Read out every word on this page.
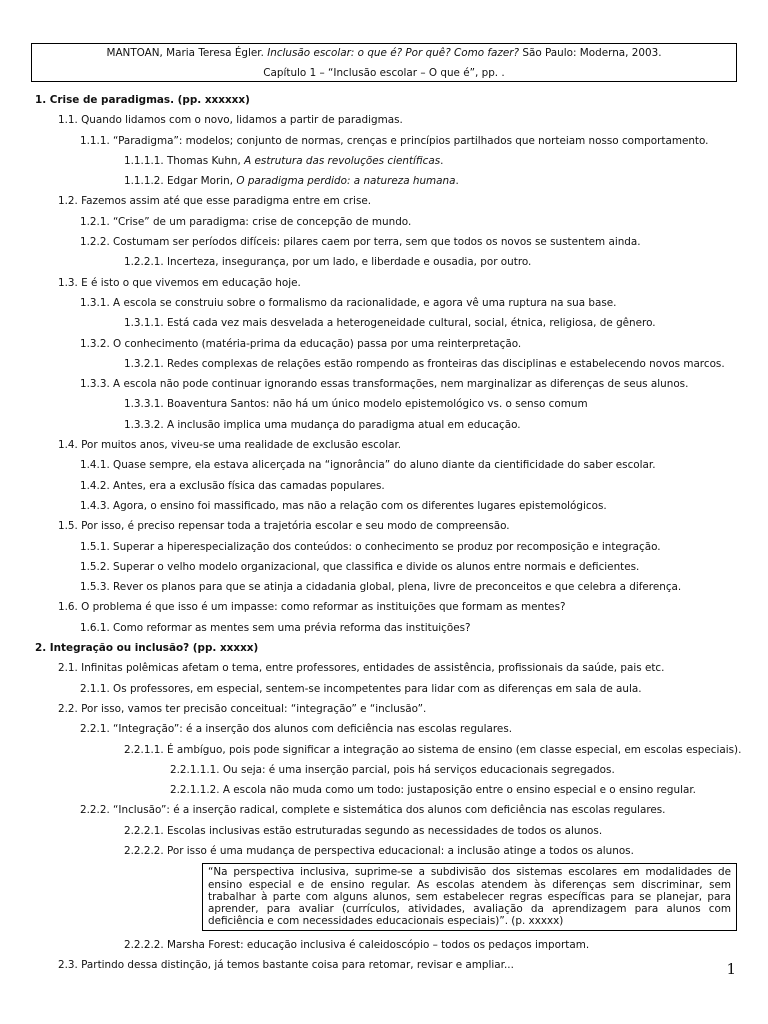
MANTOAN, Maria Teresa Égler. Inclusão escolar: o que é? Por quê? Como fazer? São Paulo: Moderna, 2003.
Capítulo 1 – “Inclusão escolar – O que é”, pp. .
1. Crise de paradigmas. (pp. xxxxxx)
1.1. Quando lidamos com o novo, lidamos a partir de paradigmas.
1.1.1. “Paradigma”: modelos; conjunto de normas, crenças e princípios partilhados que norteiam nosso comportamento.
1.1.1.1. Thomas Kuhn, A estrutura das revoluções científicas.
1.1.1.2. Edgar Morin, O paradigma perdido: a natureza humana.
1.2. Fazemos assim até que esse paradigma entre em crise.
1.2.1. “Crise” de um paradigma: crise de concepção de mundo.
1.2.2. Costumam ser períodos difíceis: pilares caem por terra, sem que todos os novos se sustentem ainda.
1.2.2.1. Incerteza, insegurança, por um lado, e liberdade e ousadia, por outro.
1.3. E é isto o que vivemos em educação hoje.
1.3.1. A escola se construiu sobre o formalismo da racionalidade, e agora vê uma ruptura na sua base.
1.3.1.1. Está cada vez mais desvelada a heterogeneidade cultural, social, étnica, religiosa, de gênero.
1.3.2. O conhecimento (matéria-prima da educação) passa por uma reinterpretação.
1.3.2.1. Redes complexas de relações estão rompendo as fronteiras das disciplinas e estabelecendo novos marcos.
1.3.3. A escola não pode continuar ignorando essas transformações, nem marginalizar as diferenças de seus alunos.
1.3.3.1. Boaventura Santos: não há um único modelo epistemológico vs. o senso comum
1.3.3.2. A inclusão implica uma mudança do paradigma atual em educação.
1.4. Por muitos anos, viveu-se uma realidade de exclusão escolar.
1.4.1. Quase sempre, ela estava alicerçada na “ignorância” do aluno diante da cientificidade do saber escolar.
1.4.2. Antes, era a exclusão física das camadas populares.
1.4.3. Agora, o ensino foi massificado, mas não a relação com os diferentes lugares epistemológicos.
1.5. Por isso, é preciso repensar toda a trajetória escolar e seu modo de compreensão.
1.5.1. Superar a hiperespecialização dos conteúdos: o conhecimento se produz por recomposição e integração.
1.5.2. Superar o velho modelo organizacional, que classifica e divide os alunos entre normais e deficientes.
1.5.3. Rever os planos para que se atinja a cidadania global, plena, livre de preconceitos e que celebra a diferença.
1.6. O problema é que isso é um impasse: como reformar as instituições que formam as mentes?
1.6.1. Como reformar as mentes sem uma prévia reforma das instituições?
2. Integração ou inclusão? (pp. xxxxx)
2.1. Infinitas polêmicas afetam o tema, entre professores, entidades de assistência, profissionais da saúde, pais etc.
2.1.1. Os professores, em especial, sentem-se incompetentes para lidar com as diferenças em sala de aula.
2.2. Por isso, vamos ter precisão conceitual: “integração” e “inclusão”.
2.2.1. “Integração”: é a inserção dos alunos com deficiência nas escolas regulares.
2.2.1.1. É ambíguo, pois pode significar a integração ao sistema de ensino (em classe especial, em escolas especiais).
2.2.1.1.1. Ou seja: é uma inserção parcial, pois há serviços educacionais segregados.
2.2.1.1.2. A escola não muda como um todo: justaposição entre o ensino especial e o ensino regular.
2.2.2. “Inclusão”: é a inserção radical, complete e sistemática dos alunos com deficiência nas escolas regulares.
2.2.2.1. Escolas inclusivas estão estruturadas segundo as necessidades de todos os alunos.
2.2.2.2. Por isso é uma mudança de perspectiva educacional: a inclusão atinge a todos os alunos.
“Na perspectiva inclusiva, suprime-se a subdivisão dos sistemas escolares em modalidades de ensino especial e de ensino regular. As escolas atendem às diferenças sem discriminar, sem trabalhar à parte com alguns alunos, sem estabelecer regras específicas para se planejar, para aprender, para avaliar (currículos, atividades, avaliação da aprendizagem para alunos com deficiência e com necessidades educacionais especiais)”. (p. xxxxx)
2.2.2.2. Marsha Forest: educação inclusiva é caleidoscópio – todos os pedaços importam.
2.3. Partindo dessa distinção, já temos bastante coisa para retomar, revisar e ampliar...	1
